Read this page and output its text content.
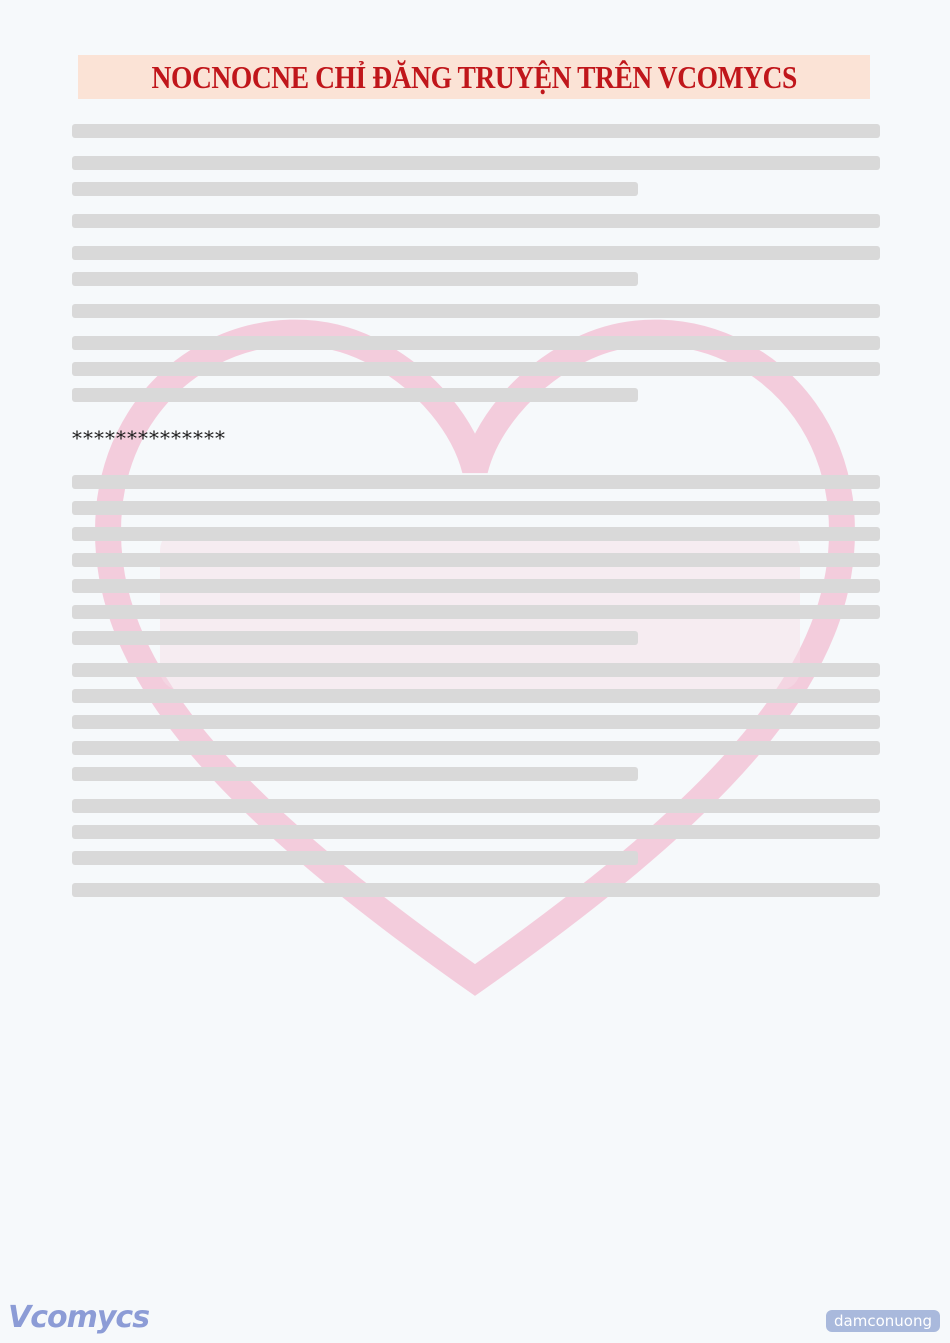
NOCNOCNE CHỈ ĐĂNG TRUYỆN TRÊN VCOMYCS
**************
Vcomycs	damconuong
